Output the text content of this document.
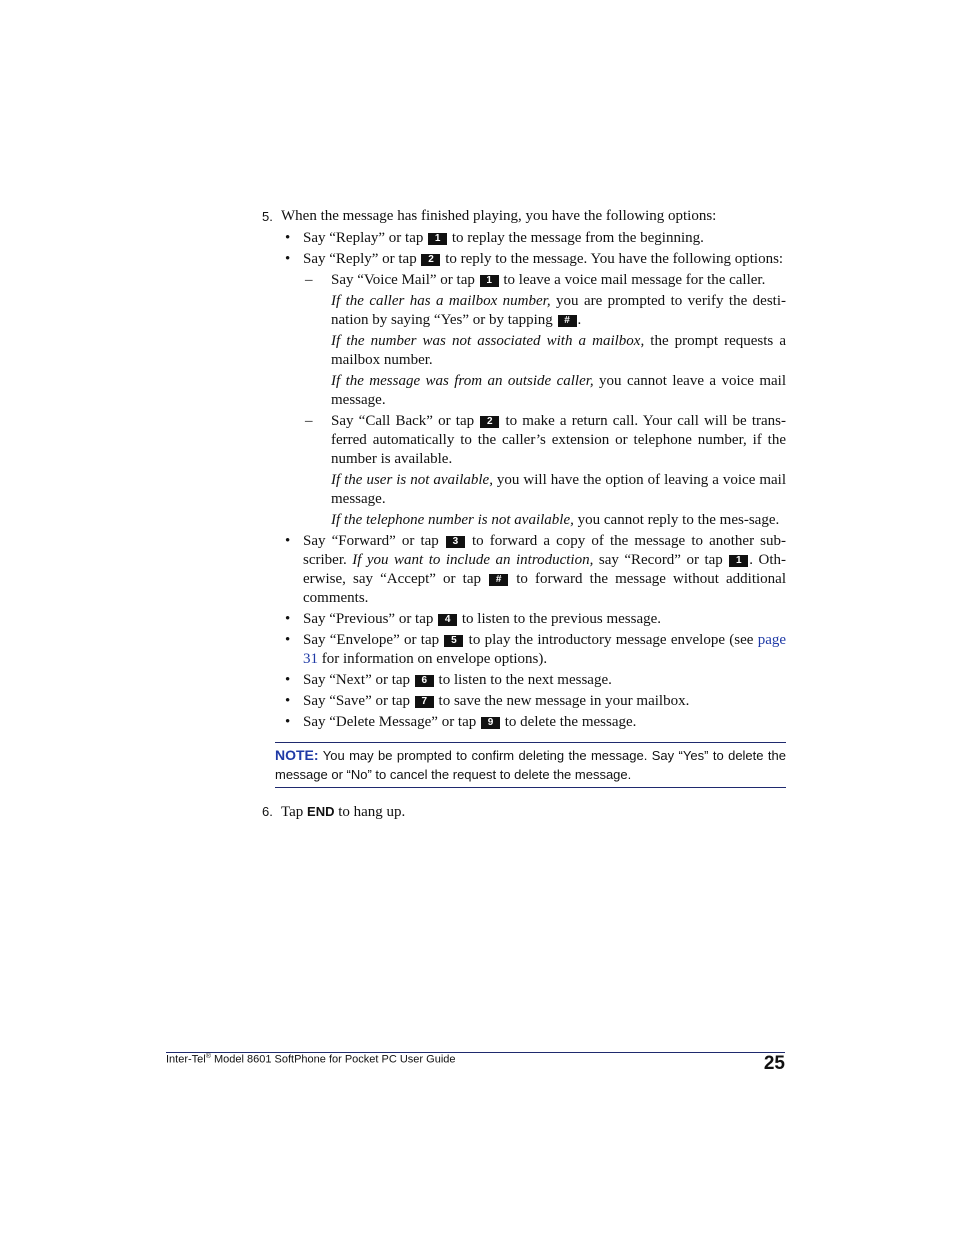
5. When the message has finished playing, you have the following options:
• Say “Replay” or tap 1 to replay the message from the beginning.
• Say “Reply” or tap 2 to reply to the message. You have the following options:
– Say “Voice Mail” or tap 1 to leave a voice mail message for the caller.

If the caller has a mailbox number, you are prompted to verify the desti-nation by saying “Yes” or by tapping # .

If the number was not associated with a mailbox, the prompt requests a mailbox number.

If the message was from an outside caller, you cannot leave a voice mail message.

– Say “Call Back” or tap 2 to make a return call. Your call will be trans-ferred automatically to the caller’s extension or telephone number, if the number is available.

If the user is not available, you will have the option of leaving a voice mail message.

If the telephone number is not available, you cannot reply to the mes-sage.

• Say “Forward” or tap 3 to forward a copy of the message to another sub-scriber. If you want to include an introduction, say “Record” or tap 1 . Oth-erwise, say “Accept” or tap # to forward the message without additional comments.
• Say “Previous” or tap 4 to listen to the previous message.
• Say “Envelope” or tap 5 to play the introductory message envelope (see page 31 for information on envelope options).
• Say “Next” or tap 6 to listen to the next message.
• Say “Save” or tap 7 to save the new message in your mailbox.
• Say “Delete Message” or tap 9 to delete the message.
NOTE: You may be prompted to confirm deleting the message. Say “Yes” to delete the message or “No” to cancel the request to delete the message.
6. Tap END to hang up.
Inter-Tel® Model 8601 SoftPhone for Pocket PC User Guide	25
